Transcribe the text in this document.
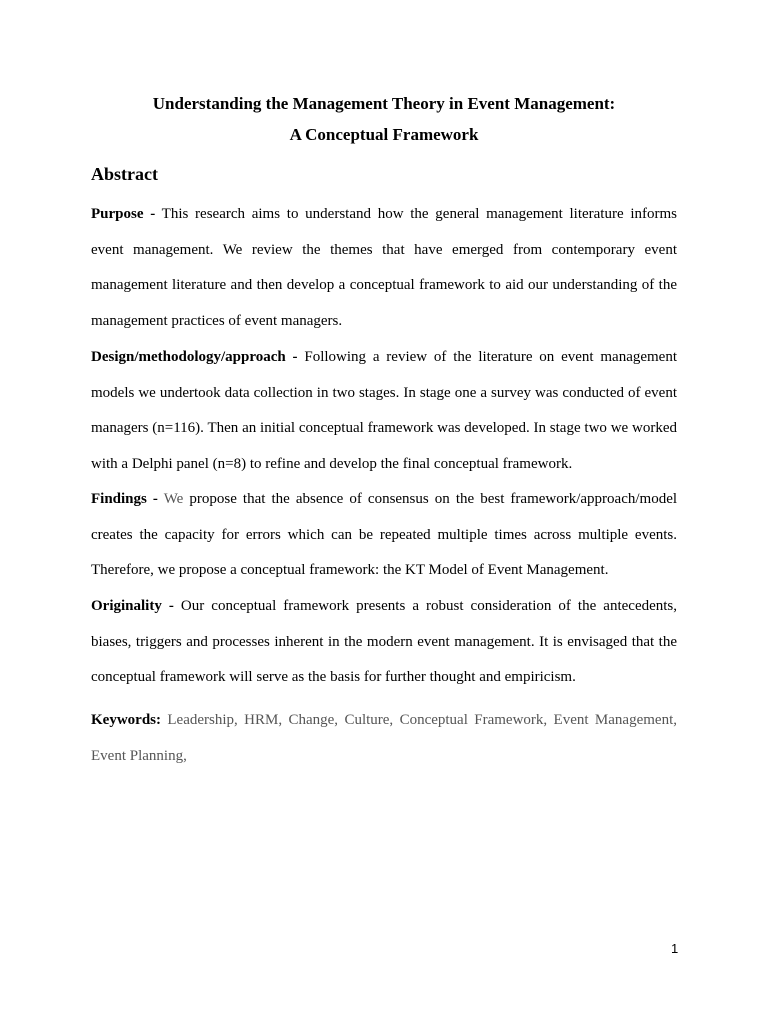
Understanding the Management Theory in Event Management:
A Conceptual Framework
Abstract
Purpose - This research aims to understand how the general management literature informs event management. We review the themes that have emerged from contemporary event management literature and then develop a conceptual framework to aid our understanding of the management practices of event managers.
Design/methodology/approach - Following a review of the literature on event management models we undertook data collection in two stages. In stage one a survey was conducted of event managers (n=116). Then an initial conceptual framework was developed. In stage two we worked with a Delphi panel (n=8) to refine and develop the final conceptual framework.
Findings - We propose that the absence of consensus on the best framework/approach/model creates the capacity for errors which can be repeated multiple times across multiple events. Therefore, we propose a conceptual framework: the KT Model of Event Management.
Originality - Our conceptual framework presents a robust consideration of the antecedents, biases, triggers and processes inherent in the modern event management. It is envisaged that the conceptual framework will serve as the basis for further thought and empiricism.
Keywords: Leadership, HRM, Change, Culture, Conceptual Framework, Event Management, Event Planning,
1
